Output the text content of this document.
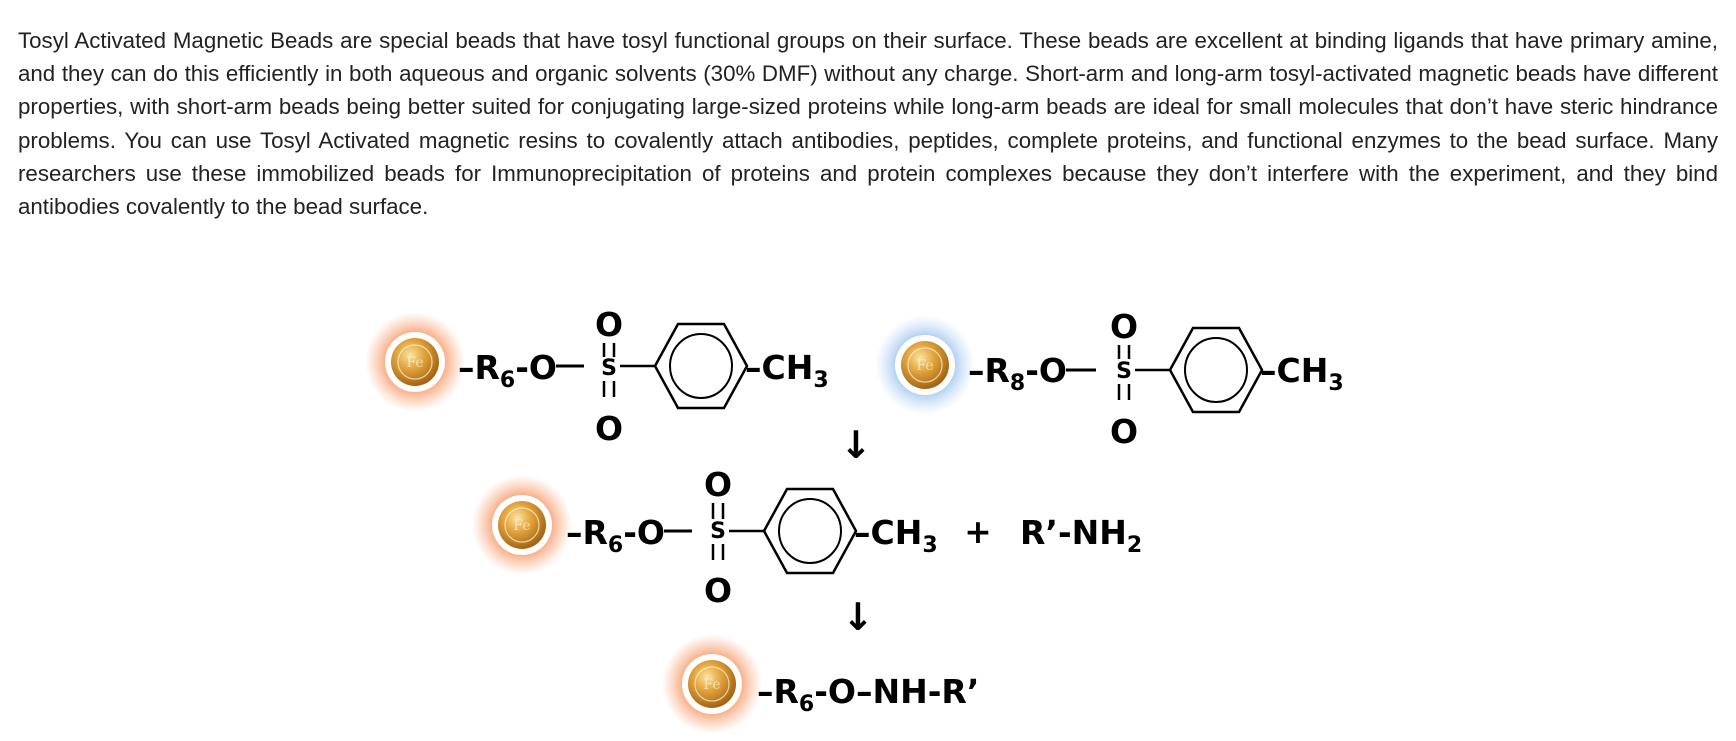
Tosyl Activated Magnetic Beads are special beads that have tosyl functional groups on their surface. These beads are excellent at binding ligands that have primary amine, and they can do this efficiently in both aqueous and organic solvents (30% DMF) without any charge. Short-arm and long-arm tosyl-activated magnetic beads have different properties, with short-arm beads being better suited for conjugating large-sized proteins while long-arm beads are ideal for small molecules that don’t have steric hindrance problems. You can use Tosyl Activated magnetic resins to covalently attach antibodies, peptides, complete proteins, and functional enzymes to the bead surface. Many researchers use these immobilized beads for Immunoprecipitation of proteins and protein complexes because they don’t interfere with the experiment, and they bind antibodies covalently to the bead surface.

Fe $-R_6-O$
O
S
O
$-CH_3$
Fe $-R_8-O$
O
S
O
$-CH_3$
↓
Fe $-R_6-O$
O
S
O
$-CH_3$ + $R’-NH_2$
↓
Fe $-R_6-O-NH-R$’
